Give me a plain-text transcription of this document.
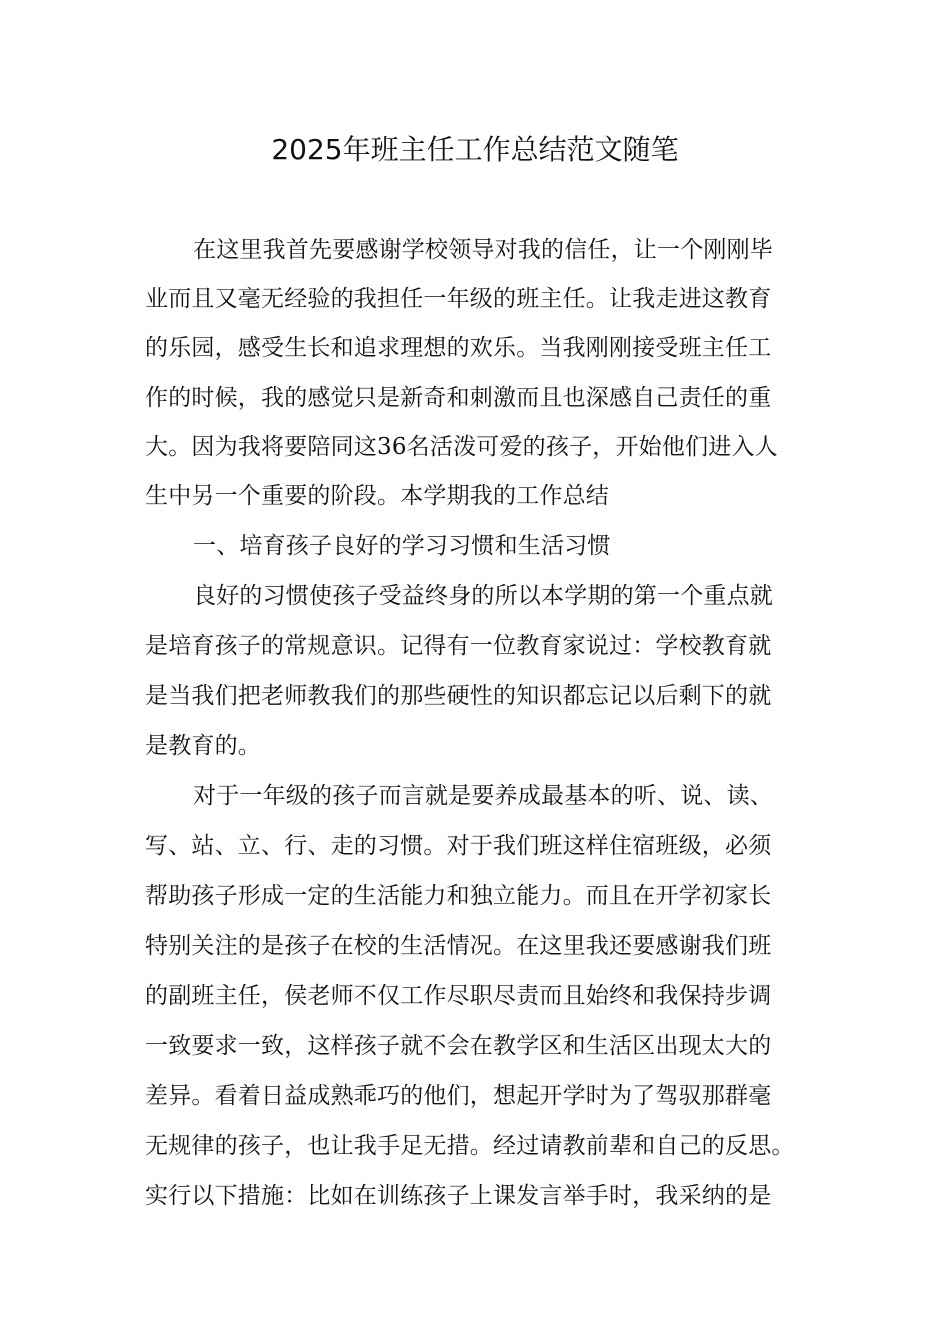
2025年班主任工作总结范文随笔
在这里我首先要感谢学校领导对我的信任，让一个刚刚毕
业而且又毫无经验的我担任一年级的班主任。让我走进这教育
的乐园，感受生长和追求理想的欢乐。当我刚刚接受班主任工
作的时候，我的感觉只是新奇和刺激而且也深感自己责任的重
大。因为我将要陪同这36名活泼可爱的孩子，开始他们进入人
生中另一个重要的阶段。本学期我的工作总结
一、培育孩子良好的学习习惯和生活习惯
良好的习惯使孩子受益终身的所以本学期的第一个重点就
是培育孩子的常规意识。记得有一位教育家说过：学校教育就
是当我们把老师教我们的那些硬性的知识都忘记以后剩下的就
是教育的。
对于一年级的孩子而言就是要养成最基本的听、说、读、
写、站、立、行、走的习惯。对于我们班这样住宿班级，必须
帮助孩子形成一定的生活能力和独立能力。而且在开学初家长
特别关注的是孩子在校的生活情况。在这里我还要感谢我们班
的副班主任，侯老师不仅工作尽职尽责而且始终和我保持步调
一致要求一致，这样孩子就不会在教学区和生活区出现太大的
差异。看着日益成熟乖巧的他们，想起开学时为了驾驭那群毫
无规律的孩子，也让我手足无措。经过请教前辈和自己的反思。
实行以下措施：比如在训练孩子上课发言举手时，我采纳的是
